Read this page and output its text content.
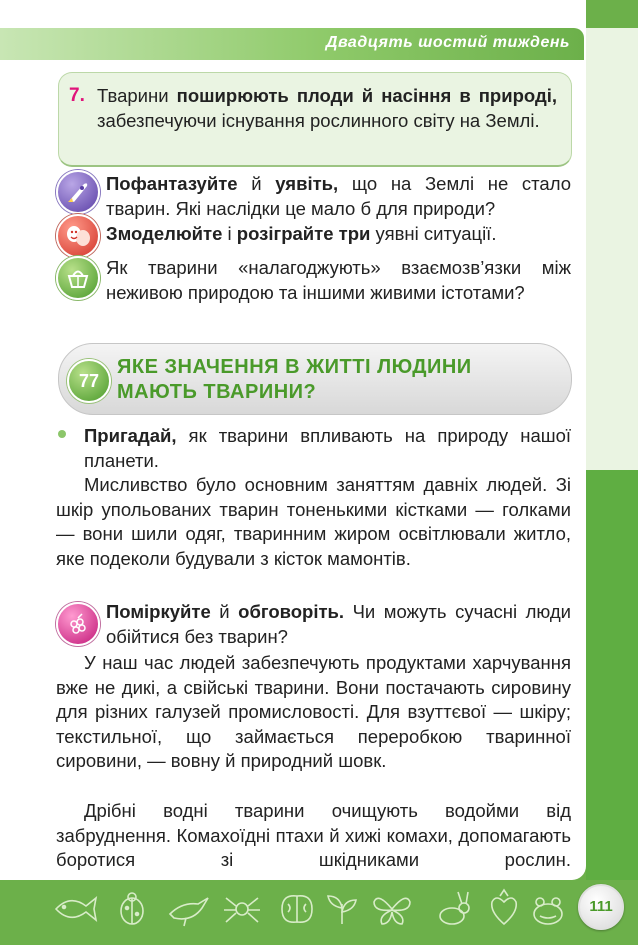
Двадцять шостий тиждень
7. Тварини поширюють плоди й насіння в природі, забезпечуючи існування рослинного світу на Землі.
Пофантазуйте й уявіть, що на Землі не стало тварин. Які наслідки це мало б для природи?
Змоделюйте і розіграйте три уявні ситуації.
Як тварини «налагоджують» взаємозв’язки між неживою природою та іншими живими істотами?
77
ЯКЕ ЗНАЧЕННЯ В ЖИТТІ ЛЮДИНИ МАЮТЬ ТВАРИНИ?
Пригадай, як тварини впливають на природу нашої планети.
Мисливство було основним заняттям давніх людей. Зі шкір упольованих тварин тоненькими кістками — голками — вони шили одяг, тваринним жиром освітлювали житло, яке подеколи будували з кісток мамонтів.
Поміркуйте й обговоріть. Чи можуть сучасні люди обійтися без тварин?
У наш час людей забезпечують продуктами харчування вже не дикі, а свійські тварини. Вони постачають сировину для різних галузей промисловості. Для взуттєвої — шкіру; текстильної, що займається переробкою тваринної сировини, — вовну й природний шовк.
Дрібні водні тварини очищують водойми від забруднення. Комахоїдні птахи й хижі комахи, допомагають боротися зі шкідниками рослин.
111
